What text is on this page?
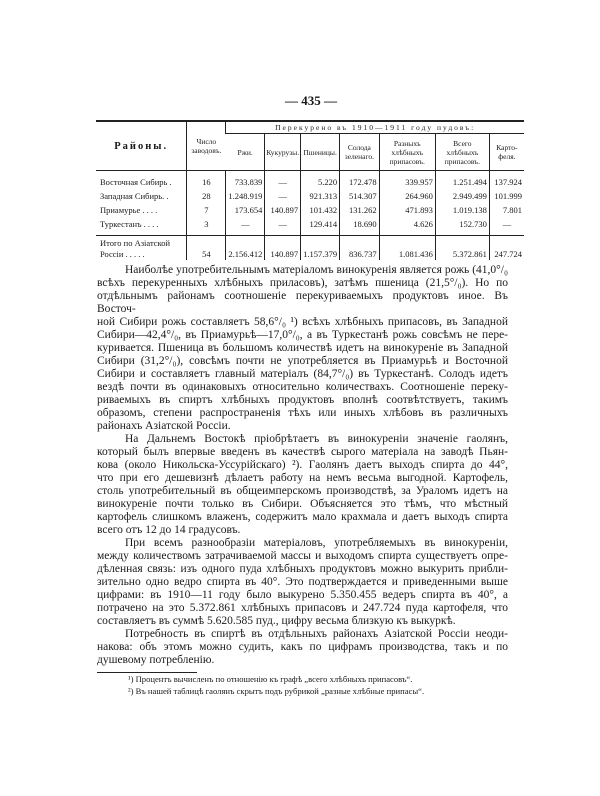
— 435 —
Районы.	Число заводовъ.	Перекурено въ 1910—1911 году пудовъ:						
		Ржи.	Кукурузы.	Пшеницы.	Солода зеленаго.	Разныхъ хлѣбныхъ припасовъ.	Всего хлѣбныхъ припасовъ.	Карто-феля.

Восточная Сибирь .	16	733.839	—	5.220	172.478	339.957	1.251.494	137.924
Западная Сибирь. .	28	1.248.919	—	921.313	514.307	264.960	2.949.499	101.999
Приамурье . . . .	7	173.654	140.897	101.432	131.262	471.893	1.019.138	7.801
Туркестанъ . . . .	3	—	—	129.414	18.690	4.626	152.730	—

Итого по Азіатской Россіи . . . . .	54	2.156.412	140.897	1.157.379	836.737	1.081.436	5.372.861	247.724
Наиболѣе употребительнымъ матеріаломъ винокуренія является рожь (41,0°/₀
всѣхъ перекуренныхъ хлѣбныхъ приласовъ), затѣмъ пшеница (21,5°/₀). Но по
отдѣльнымъ районамъ соотношеніе перекуриваемыхъ продуктовъ иное. Въ Восточ-
ной Сибири рожь составляетъ 58,6°/₀ ¹) всѣхъ хлѣбныхъ припасовъ, въ Западной
Сибири—42,4°/₀, въ Приамурьѣ—17,0°/₀, а въ Туркестанѣ рожь совсѣмъ не пере-
куривается. Пшеница въ большомъ количествѣ идетъ на винокуреніе въ Западной
Сибири (31,2°/₀), совсѣмъ почти не употребляется въ Приамурьѣ и Восточной
Сибири и составляетъ главный матеріалъ (84,7°/₀) въ Туркестанѣ. Солодъ идетъ
вездѣ почти въ одинаковыхъ относительно количествахъ. Соотношеніе переку-
риваемыхъ въ спиртъ хлѣбныхъ продуктовъ вполнѣ соотвѣтствуетъ, такимъ
образомъ, степени распространенія тѣхъ или иныхъ хлѣбовъ въ различныхъ
районахъ Азіатской Россіи.
На Дальнемъ Востокѣ пріобрѣтаетъ въ винокуреніи значеніе гаолянъ,
который былъ впервые введенъ въ качествѣ сырого матеріала на заводѣ Пьян-
кова (около Никольска-Уссурійскаго) ²). Гаолянъ даетъ выходъ спирта до 44°,
что при его дешевизнѣ дѣлаетъ работу на немъ весьма выгодной. Картофель,
столь употребительный въ общеимперскомъ производствѣ, за Ураломъ идетъ на
винокуреніе почти только въ Сибири. Объясняется это тѣмъ, что мѣстный
картофель слишкомъ влаженъ, содержитъ мало крахмала и даетъ выходъ спирта
всего отъ 12 до 14 градусовъ.
При всемъ разнообразіи матеріаловъ, употребляемыхъ въ винокуреніи,
между количествомъ затрачиваемой массы и выходомъ спирта существуетъ опре-
дѣленная связь: изъ одного пуда хлѣбныхъ продуктовъ можно выкурить прибли-
зительно одно ведро спирта въ 40°. Это подтверждается и приведенными выше
цифрами: въ 1910—11 году было выкурено 5.350.455 ведеръ спирта въ 40°, а
потрачено на это 5.372.861 хлѣбныхъ припасовъ и 247.724 пуда картофеля, что
составляетъ въ суммѣ 5.620.585 пуд., цифру весьма близкую къ выкуркѣ.
Потребность въ спиртѣ въ отдѣльныхъ районахъ Азіатской Россіи неоди-
накова: объ этомъ можно судить, какъ по цифрамъ производства, такъ и по
душевому потребленію.
¹) Процентъ вычисленъ по отношенію къ графѣ „всего хлѣбныхъ припасовъ“.
²) Въ нашей таблицѣ гаолянъ скрытъ подъ рубрикой „разные хлѣбные припасы“.
